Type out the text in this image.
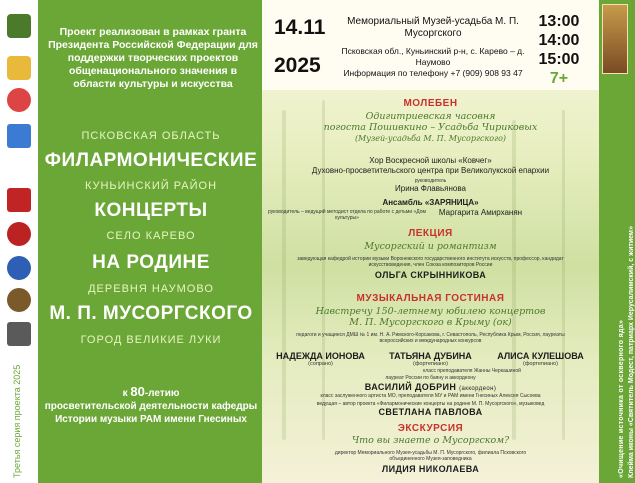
Проект реализован в рамках гранта Президента Российской Федерации для поддержки творческих проектов общенационального значения в области культуры и искусства
ПСКОВСКАЯ ОБЛАСТЬ
ФИЛАРМОНИЧЕСКИЕ
КУНЬИНСКИЙ РАЙОН
КОНЦЕРТЫ
СЕЛО КАРЕВО
НА РОДИНЕ
ДЕРЕВНЯ НАУМОВО
М. П. МУСОРГСКОГО
ГОРОД ВЕЛИКИЕ ЛУКИ
к 80-летию
просветительской деятельности кафедры Истории музыки РАМ имени Гнесиных
Третья серия проекта 2025
14.11
2025
Мемориальный Музей-усадьба М. П. Мусоргского
Псковская обл., Куньинский р-н, с. Карево – д. Наумово
Информация по телефону +7 (909) 908 93 47
13:00
14:00
15:00
7+
МОЛЕБЕН
Одигитриевская часовня
погоста Пошивкино – Усадьба Чириковых
(Музей-усадьба М. П. Мусоргского)
Хор Воскресной школы «Ковчег»
Духовно-просветительского центра при Великолукской епархии
руководитель
Ирина Флавьянова
Ансамбль «ЗАРЯНИЦА»
руководитель – ведущий методист отдела по работе с детьми «Дом культуры»
Маргарита Амирханян
ЛЕКЦИЯ
Мусоргский и романтизм
заведующая кафедрой истории музыки Воронежского государственного института искусств, профессор, кандидат искусствоведения, член Союза композиторов России
ОЛЬГА СКРЫННИКОВА
МУЗЫКАЛЬНАЯ ГОСТИНАЯ
Навстречу 150-летнему юбилею концертов
М. П. Мусоргского в Крыму (ок)
педагоги и учащиеся ДМШ № 1 им. Н. А. Римского-Корсакова, г. Севастополь, Республика Крым, Россия, лауреаты всероссийских и международных конкурсов
НАДЕЖДА ИОНОВА
(сопрано)
ТАТЬЯНА ДУБИНА
(фортепиано)
АЛИСА КУЛЕШОВА
(фортепиано)
класс преподавателя Жанны Черкашиной
лауреат России по баяну и аккордеону
ВАСИЛИЙ ДОБРИН (аккордеон)
класс заслуженного артиста МО, преподавателя МУ и РАМ имени Гнесиных Алексея Сысоева
ведущая – автор проекта «Филармонические концерты на родине М. П. Мусоргского», музыковед
СВЕТЛАНА ПАВЛОВА
ЭКСКУРСИЯ
Что вы знаете о Мусоргском?
директор Мемориального Музея-усадьбы М. П. Мусоргского, филиала Псковского объединенного Музея-заповедника
ЛИДИЯ НИКОЛАЕВА	«Очищение источника от оскверного яда» Клейма иконы «Святитель Модест, патриарх Иерусалимский, с житием»
